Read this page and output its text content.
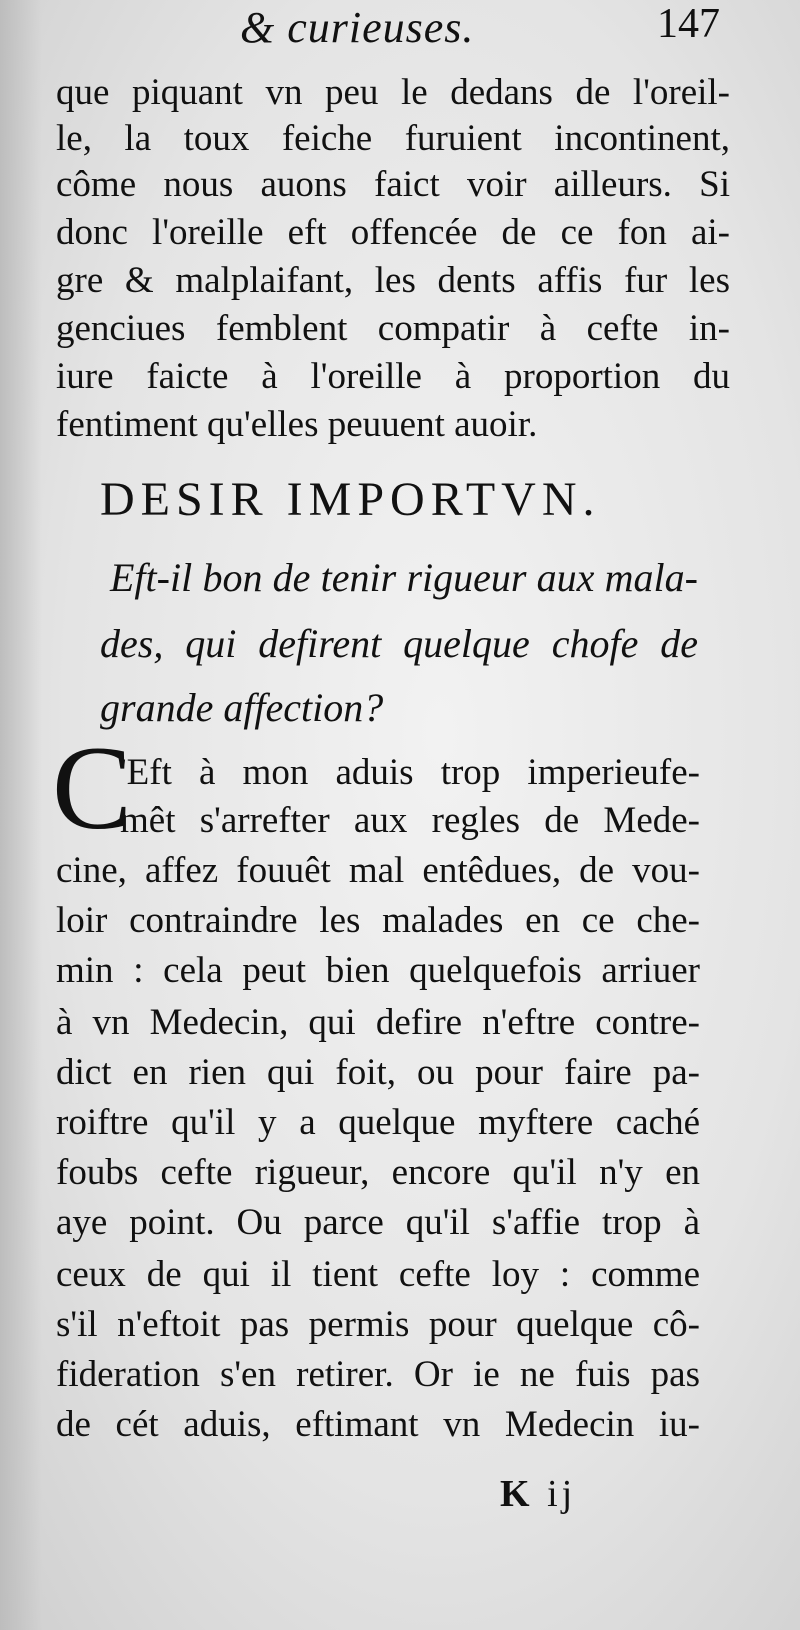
& curieuses.	147
que piquant vn peu le dedans de l'oreil-
le, la toux feiche furuient incontinent,
côme nous auons faict voir ailleurs. Si
donc l'oreille eft offencée de ce fon ai-
gre & malplaifant, les dents affis fur les
genciues femblent compatir à cefte in-
iure faicte à l'oreille à proportion du
fentiment qu'elles peuuent auoir.
DESIR IMPORTVN.
Eft-il bon de tenir rigueur aux mala-
des, qui defirent quelque chofe de
grande affection?
C
'Eft à mon aduis trop imperieufe-
mêt s'arrefter aux regles de Mede-
cine, affez fouuêt mal entêdues, de vou-
loir contraindre les malades en ce che-
min : cela peut bien quelquefois arriuer
à vn Medecin, qui defire n'eftre contre-
dict en rien qui foit, ou pour faire pa-
roiftre qu'il y a quelque myftere caché
foubs cefte rigueur, encore qu'il n'y en
aye point. Ou parce qu'il s'affie trop à
ceux de qui il tient cefte loy : comme
s'il n'eftoit pas permis pour quelque cô-
fideration s'en retirer. Or ie ne fuis pas
de cét aduis, eftimant vn Medecin iu-
K ij
